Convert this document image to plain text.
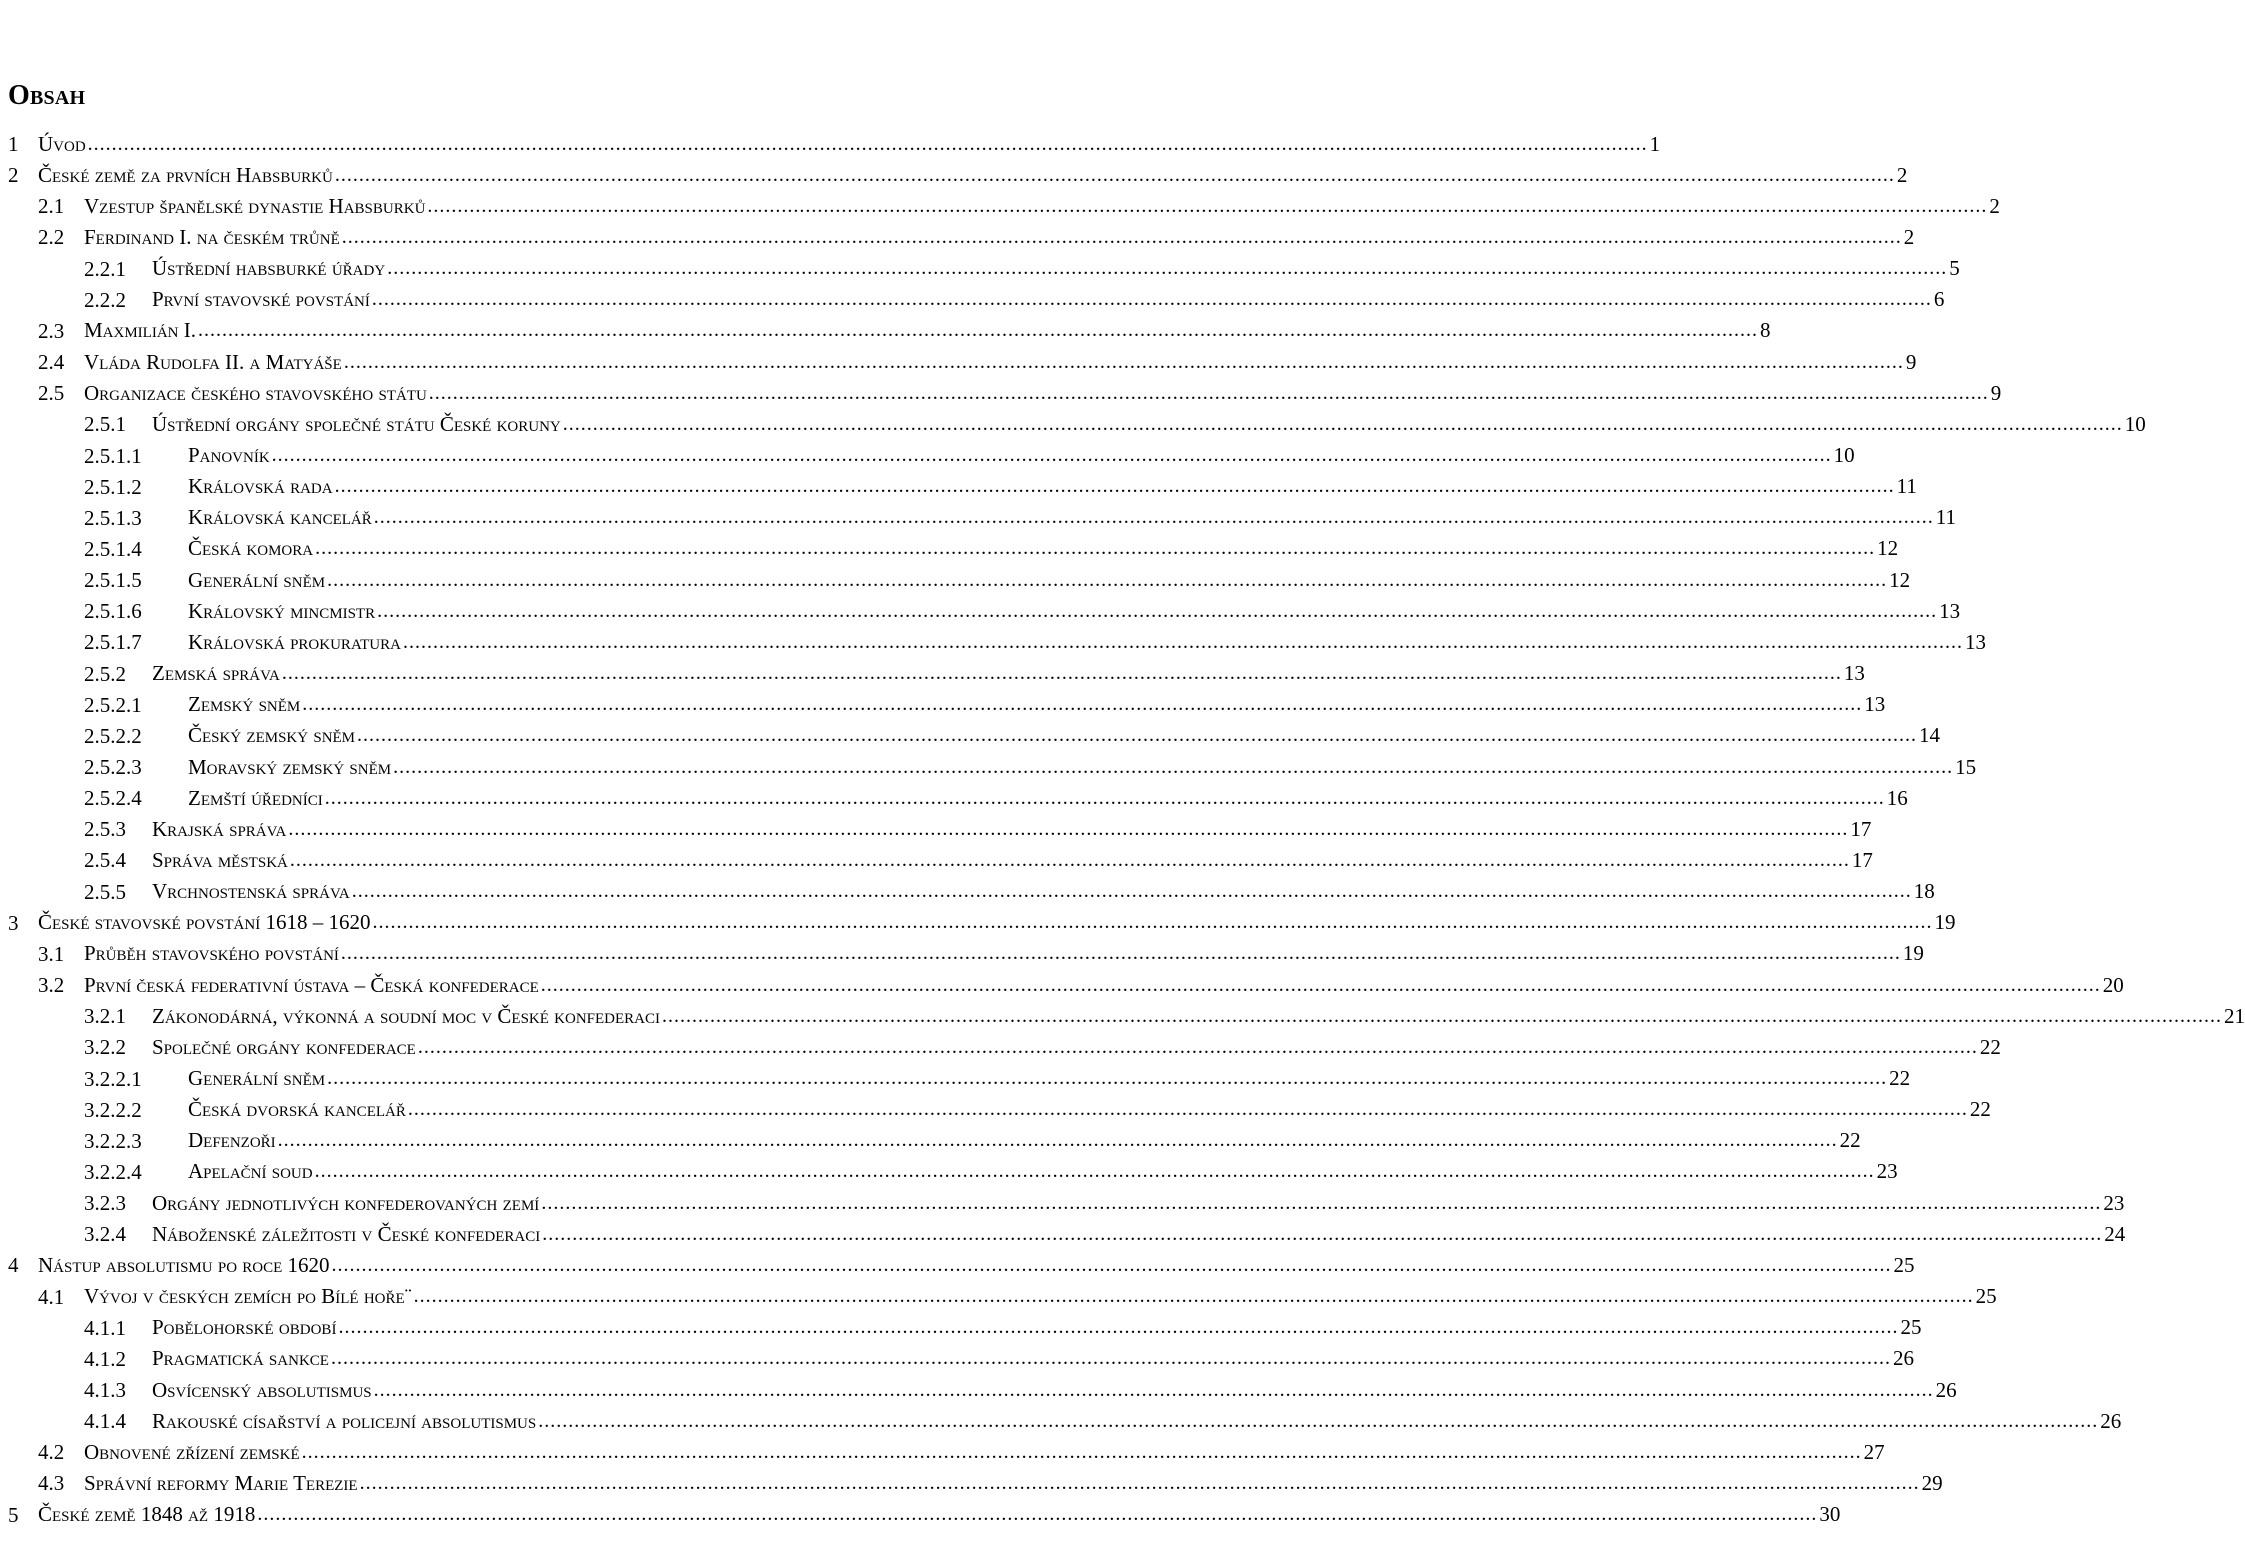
Obsah
1 Úvod .................................................................................................................................................................................................................................................................... 1
2 České země za prvních Habsburků .................................................................................................................................................................................................................................................................... 2
2.1 Vzestup španělské dynastie Habsburků .................................................................................................................................................................................................................................................................... 2
2.2 Ferdinand I. na českém trůně .................................................................................................................................................................................................................................................................... 2
2.2.1 Ústřední habsburké úřady .................................................................................................................................................................................................................................................................... 5
2.2.2 První stavovské povstání .................................................................................................................................................................................................................................................................... 6
2.3 Maxmilián I. .................................................................................................................................................................................................................................................................... 8
2.4 Vláda Rudolfa II. a Matyáše .................................................................................................................................................................................................................................................................... 9
2.5 Organizace českého stavovského státu .................................................................................................................................................................................................................................................................... 9
2.5.1 Ústřední orgány společné státu České koruny .................................................................................................................................................................................................................................................................... 10
2.5.1.1 Panovník .................................................................................................................................................................................................................................................................... 10
2.5.1.2 Královská rada .................................................................................................................................................................................................................................................................... 11
2.5.1.3 Královská kancelář .................................................................................................................................................................................................................................................................... 11
2.5.1.4 Česká komora .................................................................................................................................................................................................................................................................... 12
2.5.1.5 Generální sněm .................................................................................................................................................................................................................................................................... 12
2.5.1.6 Královský mincmistr .................................................................................................................................................................................................................................................................... 13
2.5.1.7 Královská prokuratura .................................................................................................................................................................................................................................................................... 13
2.5.2 Zemská správa .................................................................................................................................................................................................................................................................... 13
2.5.2.1 Zemský sněm .................................................................................................................................................................................................................................................................... 13
2.5.2.2 Český zemský sněm .................................................................................................................................................................................................................................................................... 14
2.5.2.3 Moravský zemský sněm .................................................................................................................................................................................................................................................................... 15
2.5.2.4 Zemští úředníci .................................................................................................................................................................................................................................................................... 16
2.5.3 Krajská správa .................................................................................................................................................................................................................................................................... 17
2.5.4 Správa městská .................................................................................................................................................................................................................................................................... 17
2.5.5 Vrchnostenská správa .................................................................................................................................................................................................................................................................... 18
3 České stavovské povstání 1618 – 1620 .................................................................................................................................................................................................................................................................... 19
3.1 Průběh stavovského povstání .................................................................................................................................................................................................................................................................... 19
3.2 První česká federativní ústava – Česká konfederace .................................................................................................................................................................................................................................................................... 20
3.2.1 Zákonodárná, výkonná a soudní moc v České konfederaci .................................................................................................................................................................................................................................................................... 21
3.2.2 Společné orgány konfederace .................................................................................................................................................................................................................................................................... 22
3.2.2.1 Generální sněm .................................................................................................................................................................................................................................................................... 22
3.2.2.2 Česká dvorská kancelář .................................................................................................................................................................................................................................................................... 22
3.2.2.3 Defenzoři .................................................................................................................................................................................................................................................................... 22
3.2.2.4 Apelační soud .................................................................................................................................................................................................................................................................... 23
3.2.3 Orgány jednotlivých konfederovaných zemí .................................................................................................................................................................................................................................................................... 23
3.2.4 Náboženské záležitosti v České konfederaci .................................................................................................................................................................................................................................................................... 24
4 Nástup absolutismu po roce 1620 .................................................................................................................................................................................................................................................................... 25
4.1 Vývoj v českých zemích po Bílé hoře¨ .................................................................................................................................................................................................................................................................... 25
4.1.1 Pobělohorské období .................................................................................................................................................................................................................................................................... 25
4.1.2 Pragmatická sankce .................................................................................................................................................................................................................................................................... 26
4.1.3 Osvícenský absolutismus .................................................................................................................................................................................................................................................................... 26
4.1.4 Rakouské císařství a policejní absolutismus .................................................................................................................................................................................................................................................................... 26
4.2 Obnovené zřízení zemské .................................................................................................................................................................................................................................................................... 27
4.3 Správní reformy Marie Terezie .................................................................................................................................................................................................................................................................... 29
5 České země 1848 až 1918 .................................................................................................................................................................................................................................................................... 30
